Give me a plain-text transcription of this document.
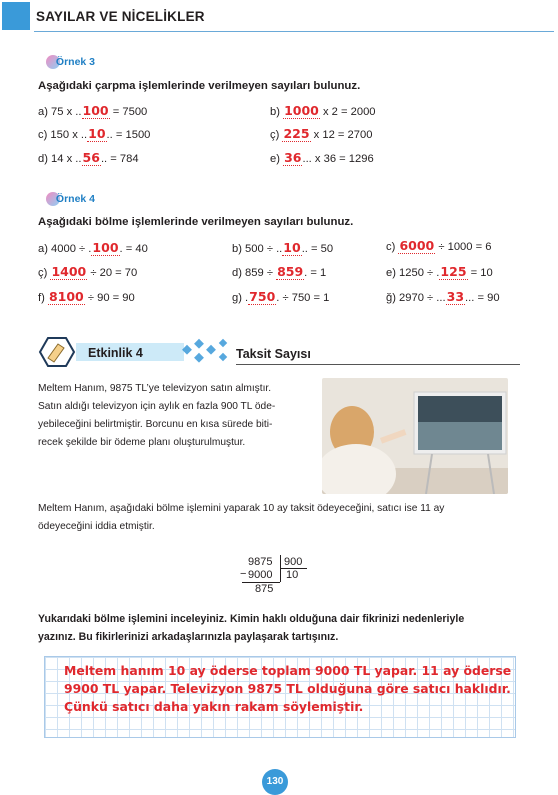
SAYILAR VE NİCELİKLER
Örnek 3
Aşağıdaki çarpma işlemlerinde verilmeyen sayıları bulunuz.
a) 75 x ..100 = 7500	b) 1000 x 2 = 2000
c) 150 x ..10.. = 1500	ç) 225 x 12 = 2700
d) 14 x ..56.. = 784	e) 36... x 36 = 1296
Örnek 4
Aşağıdaki bölme işlemlerinde verilmeyen sayıları bulunuz.
a) 4000 ÷ .100. = 40	b) 500 ÷ ..10.. = 50	c) 6000 ÷ 1000 = 6
ç) 1400 ÷ 20 = 70	d) 859 ÷ 859. = 1	e) 1250 ÷ .125 = 10
f) 8100 ÷ 90 = 90	g) .750. ÷ 750 = 1	ğ) 2970 ÷ ...33... = 90
Etkinlik 4	Taksit Sayısı
Meltem Hanım, 9875 TL’ye televizyon satın almıştır.
Satın aldığı televizyon için aylık en fazla 900 TL öde-
yebileceğini belirtmiştir. Borcunu en kısa sürede biti-
recek şekilde bir ödeme planı oluşturulmuştur.
Meltem Hanım, aşağıdaki bölme işlemini yaparak 10 ay taksit ödeyeceğini, satıcı ise 11 ay
ödeyeceğini iddia etmiştir.
9875 900
− 9000 10
875
Yukarıdaki bölme işlemini inceleyiniz. Kimin haklı olduğuna dair fikrinizi nedenleriyle
yazınız. Bu fikirlerinizi arkadaşlarınızla paylaşarak tartışınız.
Meltem hanım 10 ay öderse toplam 9000 TL yapar. 11 ay öderse
9900 TL yapar. Televizyon 9875 TL olduğuna göre satıcı haklıdır.
Çünkü satıcı daha yakın rakam söylemiştir.
130
